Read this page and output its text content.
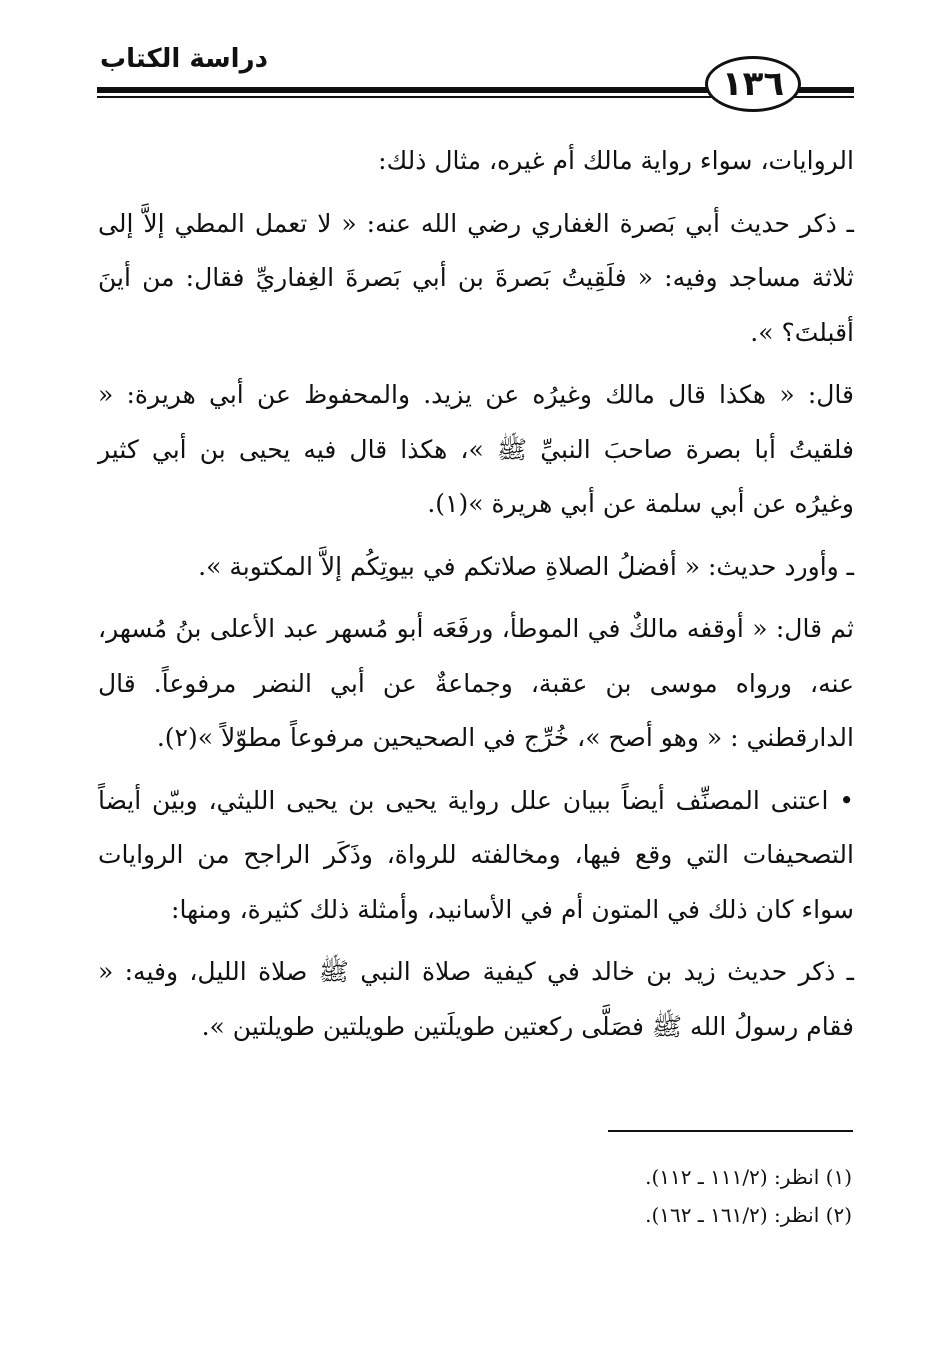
دراسة الكتاب
١٣٦

الروايات، سواء رواية مالك أم غيره، مثال ذلك:

ـ ذكر حديث أبي بَصرة الغفاري رضي الله عنه: « لا تعمل المطي إلاَّ إلى ثلاثة مساجد وفيه: « فلَقِيتُ بَصرةَ بن أبي بَصرةَ الغِفاريِّ فقال: من أينَ أقبلتَ؟ ».

قال: « هكذا قال مالك وغيرُه عن يزيد. والمحفوظ عن أبي هريرة: « فلقيتُ أبا بصرة صاحبَ النبيِّ ﷺ »، هكذا قال فيه يحيى بن أبي كثير وغيرُه عن أبي سلمة عن أبي هريرة »(١).

ـ وأورد حديث: « أفضلُ الصلاةِ صلاتكم في بيوتِكُم إلاَّ المكتوبة ».

ثم قال: « أوقفه مالكٌ في الموطأ، ورفَعَه أبو مُسهر عبد الأعلى بنُ مُسهر، عنه، ورواه موسى بن عقبة، وجماعةٌ عن أبي النضر مرفوعاً. قال الدارقطني : « وهو أصح »، خُرِّج في الصحيحين مرفوعاً مطوّلاً »(٢).

• اعتنى المصنِّف أيضاً ببيان علل رواية يحيى بن يحيى الليثي، وبيّن أيضاً التصحيفات التي وقع فيها، ومخالفته للرواة، وذَكَر الراجح من الروايات سواء كان ذلك في المتون أم في الأسانيد، وأمثلة ذلك كثيرة، ومنها:

ـ ذكر حديث زيد بن خالد في كيفية صلاة النبي ﷺ صلاة الليل، وفيه: « فقام رسولُ الله ﷺ فصَلَّى ركعتين طويلَتين طويلتين طويلتين ».

(١) انظر: (١١١/٢ ـ ١١٢).

(٢) انظر: (١٦١/٢ ـ ١٦٢).
